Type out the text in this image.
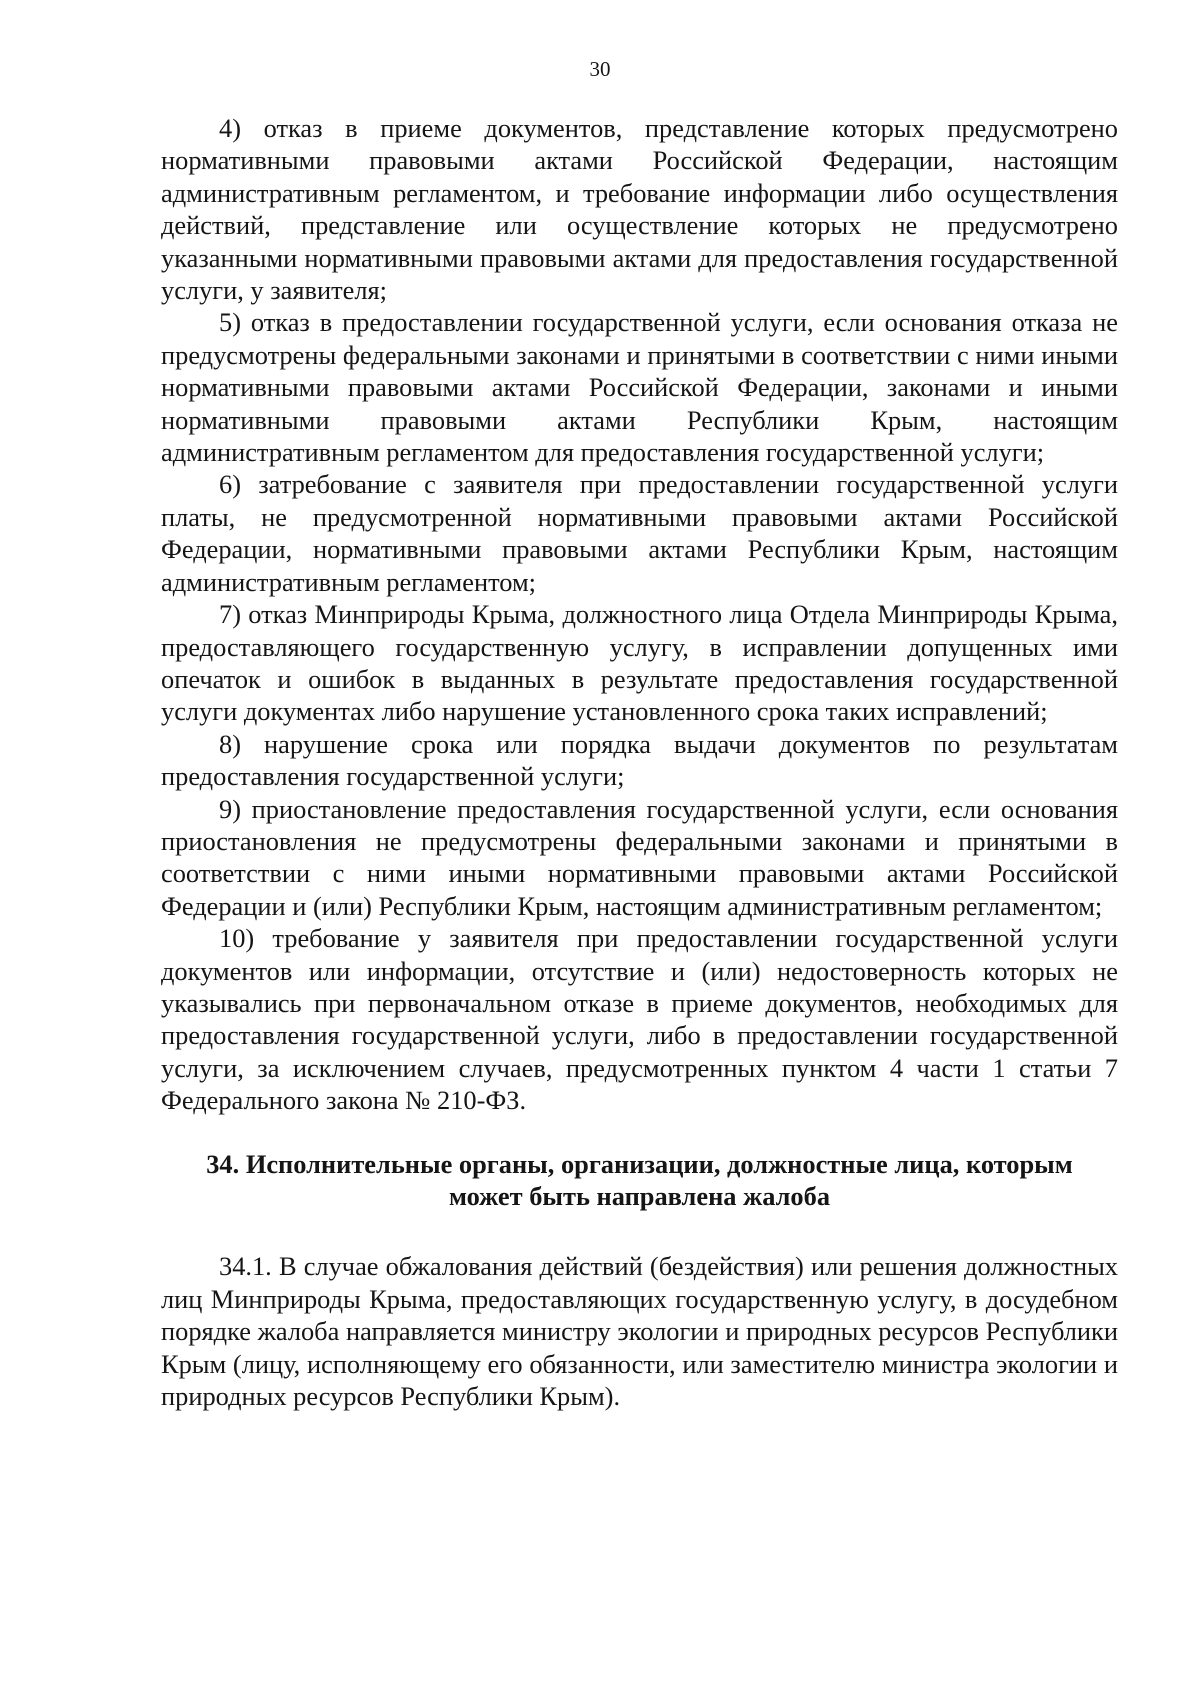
30

4) отказ в приеме документов, представление которых предусмотрено нормативными правовыми актами Российской Федерации, настоящим административным регламентом, и требование информации либо осуществления действий, представление или осуществление которых не предусмотрено указанными нормативными правовыми актами для предоставления государственной услуги, у заявителя;

5) отказ в предоставлении государственной услуги, если основания отказа не предусмотрены федеральными законами и принятыми в соответствии с ними иными нормативными правовыми актами Российской Федерации, законами и иными нормативными правовыми актами Республики Крым, настоящим административным регламентом для предоставления государственной услуги;

6) затребование с заявителя при предоставлении государственной услуги платы, не предусмотренной нормативными правовыми актами Российской Федерации, нормативными правовыми актами Республики Крым, настоящим административным регламентом;

7) отказ Минприроды Крыма, должностного лица Отдела Минприроды Крыма, предоставляющего государственную услугу, в исправлении допущенных ими опечаток и ошибок в выданных в результате предоставления государственной услуги документах либо нарушение установленного срока таких исправлений;

8) нарушение срока или порядка выдачи документов по результатам предоставления государственной услуги;

9) приостановление предоставления государственной услуги, если основания приостановления не предусмотрены федеральными законами и принятыми в соответствии с ними иными нормативными правовыми актами Российской Федерации и (или) Республики Крым, настоящим административным регламентом;

10) требование у заявителя при предоставлении государственной услуги документов или информации, отсутствие и (или) недостоверность которых не указывались при первоначальном отказе в приеме документов, необходимых для предоставления государственной услуги, либо в предоставлении государственной услуги, за исключением случаев, предусмотренных пунктом 4 части 1 статьи 7 Федерального закона № 210-ФЗ.

34. Исполнительные органы, организации, должностные лица, которым
может быть направлена жалоба

34.1. В случае обжалования действий (бездействия) или решения должностных лиц Минприроды Крыма, предоставляющих государственную услугу, в досудебном порядке жалоба направляется министру экологии и природных ресурсов Республики Крым (лицу, исполняющему его обязанности, или заместителю министра экологии и природных ресурсов Республики Крым).
